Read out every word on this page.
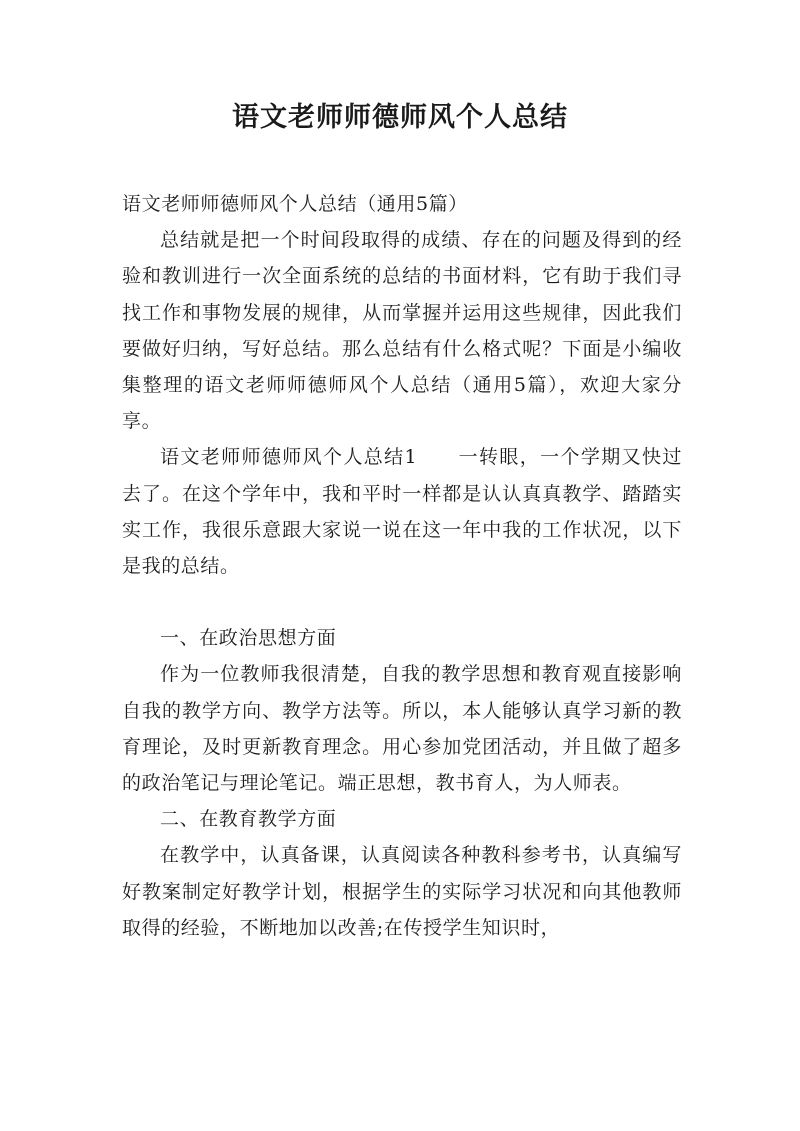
语文老师师德师风个人总结

语文老师师德师风个人总结（通用5篇）

总结就是把一个时间段取得的成绩、存在的问题及得到的经验和教训进行一次全面系统的总结的书面材料，它有助于我们寻找工作和事物发展的规律，从而掌握并运用这些规律，因此我们要做好归纳，写好总结。那么总结有什么格式呢？下面是小编收集整理的语文老师师德师风个人总结（通用5篇），欢迎大家分享。

语文老师师德师风个人总结1　　一转眼，一个学期又快过去了。在这个学年中，我和平时一样都是认认真真教学、踏踏实实工作，我很乐意跟大家说一说在这一年中我的工作状况，以下是我的总结。

一、在政治思想方面

作为一位教师我很清楚，自我的教学思想和教育观直接影响自我的教学方向、教学方法等。所以，本人能够认真学习新的教育理论，及时更新教育理念。用心参加党团活动，并且做了超多的政治笔记与理论笔记。端正思想，教书育人，为人师表。

二、在教育教学方面

在教学中，认真备课，认真阅读各种教科参考书，认真编写好教案制定好教学计划，根据学生的实际学习状况和向其他教师取得的经验，不断地加以改善;在传授学生知识时，
